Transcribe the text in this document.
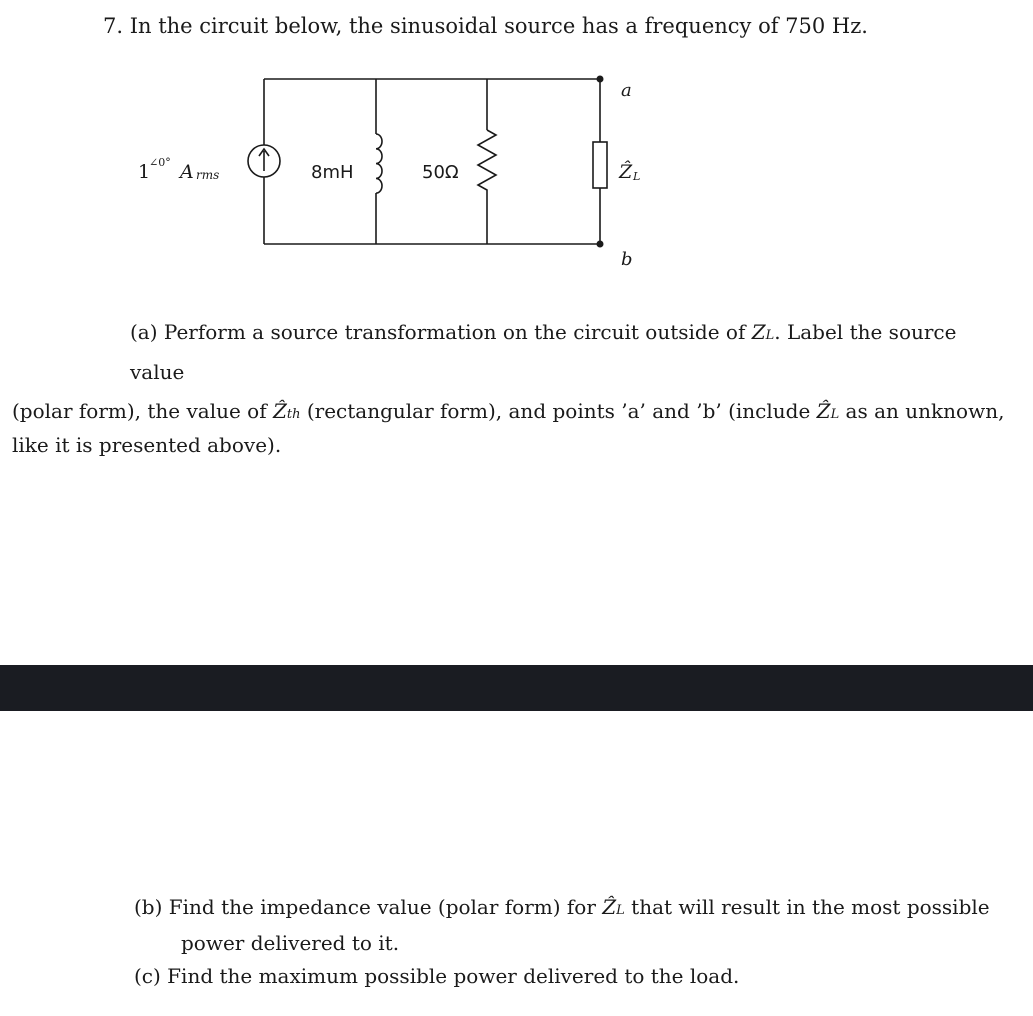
7. In the circuit below, the sinusoidal source has a frequency of 750 Hz.
1
∠0° A rms	8mH	50Ω	Ẑ L
a
b
(a) Perform a source transformation on the circuit outside of ZL. Label the source value
(polar form), the value of Ẑth (rectangular form), and points ’a’ and ’b’ (include ẐL as an unknown,
like it is presented above).
(b) Find the impedance value (polar form) for ẐL that will result in the most possible
power delivered to it.
(c) Find the maximum possible power delivered to the load.
